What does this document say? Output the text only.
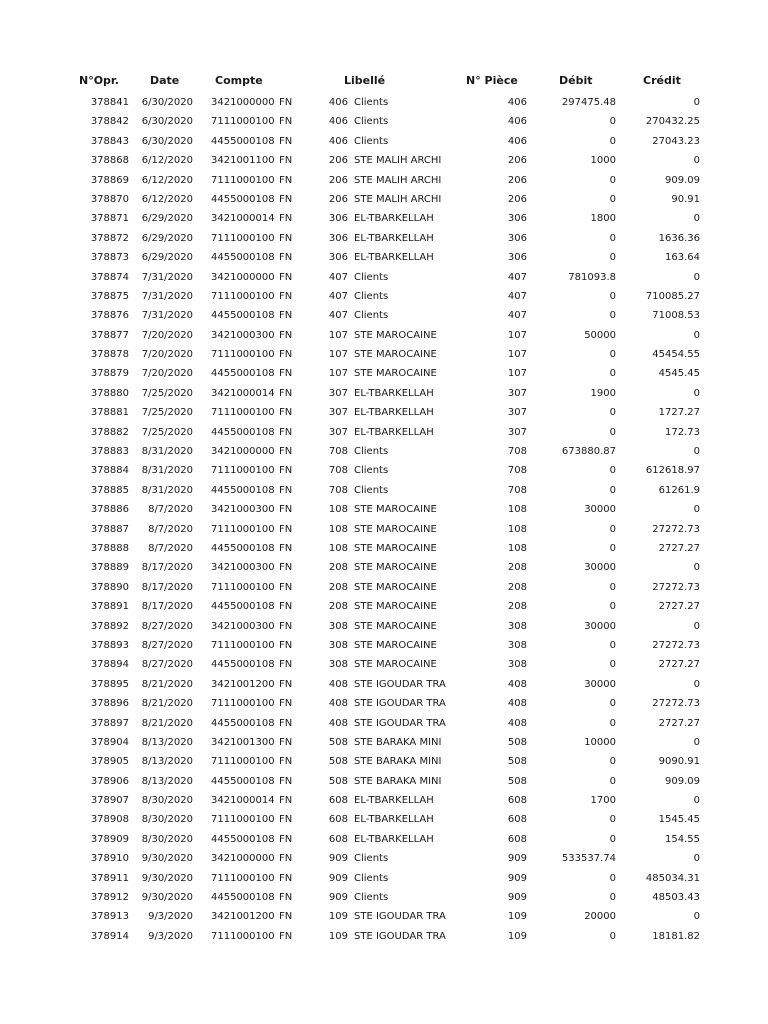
N°Opr.	Date	Compte	Libellé	N° Pièce	Débit	Crédit
378841	6/30/2020 3421000000 FN	406 Clients	406	297475.48	0
378842	6/30/2020 7111000100 FN	406 Clients	406	0	270432.25
378843	6/30/2020 4455000108 FN	406 Clients	406	0	27043.23
378868	6/12/2020 3421001100 FN	206 STE MALIH ARCHI	206	1000	0
378869	6/12/2020 7111000100 FN	206 STE MALIH ARCHI	206	0	909.09
378870	6/12/2020 4455000108 FN	206 STE MALIH ARCHI	206	0	90.91
378871	6/29/2020 3421000014 FN	306 EL-TBARKELLAH	306	1800	0
378872	6/29/2020 7111000100 FN	306 EL-TBARKELLAH	306	0	1636.36
378873	6/29/2020 4455000108 FN	306 EL-TBARKELLAH	306	0	163.64
378874	7/31/2020 3421000000 FN	407 Clients	407	781093.8	0
378875	7/31/2020 7111000100 FN	407 Clients	407	0	710085.27
378876	7/31/2020 4455000108 FN	407 Clients	407	0	71008.53
378877	7/20/2020 3421000300 FN	107 STE MAROCAINE	107	50000	0
378878	7/20/2020 7111000100 FN	107 STE MAROCAINE	107	0	45454.55
378879	7/20/2020 4455000108 FN	107 STE MAROCAINE	107	0	4545.45
378880	7/25/2020 3421000014 FN	307 EL-TBARKELLAH	307	1900	0
378881	7/25/2020 7111000100 FN	307 EL-TBARKELLAH	307	0	1727.27
378882	7/25/2020 4455000108 FN	307 EL-TBARKELLAH	307	0	172.73
378883	8/31/2020 3421000000 FN	708 Clients	708	673880.87	0
378884	8/31/2020 7111000100 FN	708 Clients	708	0	612618.97
378885	8/31/2020 4455000108 FN	708 Clients	708	0	61261.9
378886	8/7/2020 3421000300 FN	108 STE MAROCAINE	108	30000	0
378887	8/7/2020 7111000100 FN	108 STE MAROCAINE	108	0	27272.73
378888	8/7/2020 4455000108 FN	108 STE MAROCAINE	108	0	2727.27
378889	8/17/2020 3421000300 FN	208 STE MAROCAINE	208	30000	0
378890	8/17/2020 7111000100 FN	208 STE MAROCAINE	208	0	27272.73
378891	8/17/2020 4455000108 FN	208 STE MAROCAINE	208	0	2727.27
378892	8/27/2020 3421000300 FN	308 STE MAROCAINE	308	30000	0
378893	8/27/2020 7111000100 FN	308 STE MAROCAINE	308	0	27272.73
378894	8/27/2020 4455000108 FN	308 STE MAROCAINE	308	0	2727.27
378895	8/21/2020 3421001200 FN	408 STE IGOUDAR TRA	408	30000	0
378896	8/21/2020 7111000100 FN	408 STE IGOUDAR TRA	408	0	27272.73
378897	8/21/2020 4455000108 FN	408 STE IGOUDAR TRA	408	0	2727.27
378904	8/13/2020 3421001300 FN	508 STE BARAKA MINI	508	10000	0
378905	8/13/2020 7111000100 FN	508 STE BARAKA MINI	508	0	9090.91
378906	8/13/2020 4455000108 FN	508 STE BARAKA MINI	508	0	909.09
378907	8/30/2020 3421000014 FN	608 EL-TBARKELLAH	608	1700	0
378908	8/30/2020 7111000100 FN	608 EL-TBARKELLAH	608	0	1545.45
378909	8/30/2020 4455000108 FN	608 EL-TBARKELLAH	608	0	154.55
378910	9/30/2020 3421000000 FN	909 Clients	909	533537.74	0
378911	9/30/2020 7111000100 FN	909 Clients	909	0	485034.31
378912	9/30/2020 4455000108 FN	909 Clients	909	0	48503.43
378913	9/3/2020 3421001200 FN	109 STE IGOUDAR TRA	109	20000	0
378914	9/3/2020 7111000100 FN	109 STE IGOUDAR TRA	109	0	18181.82
